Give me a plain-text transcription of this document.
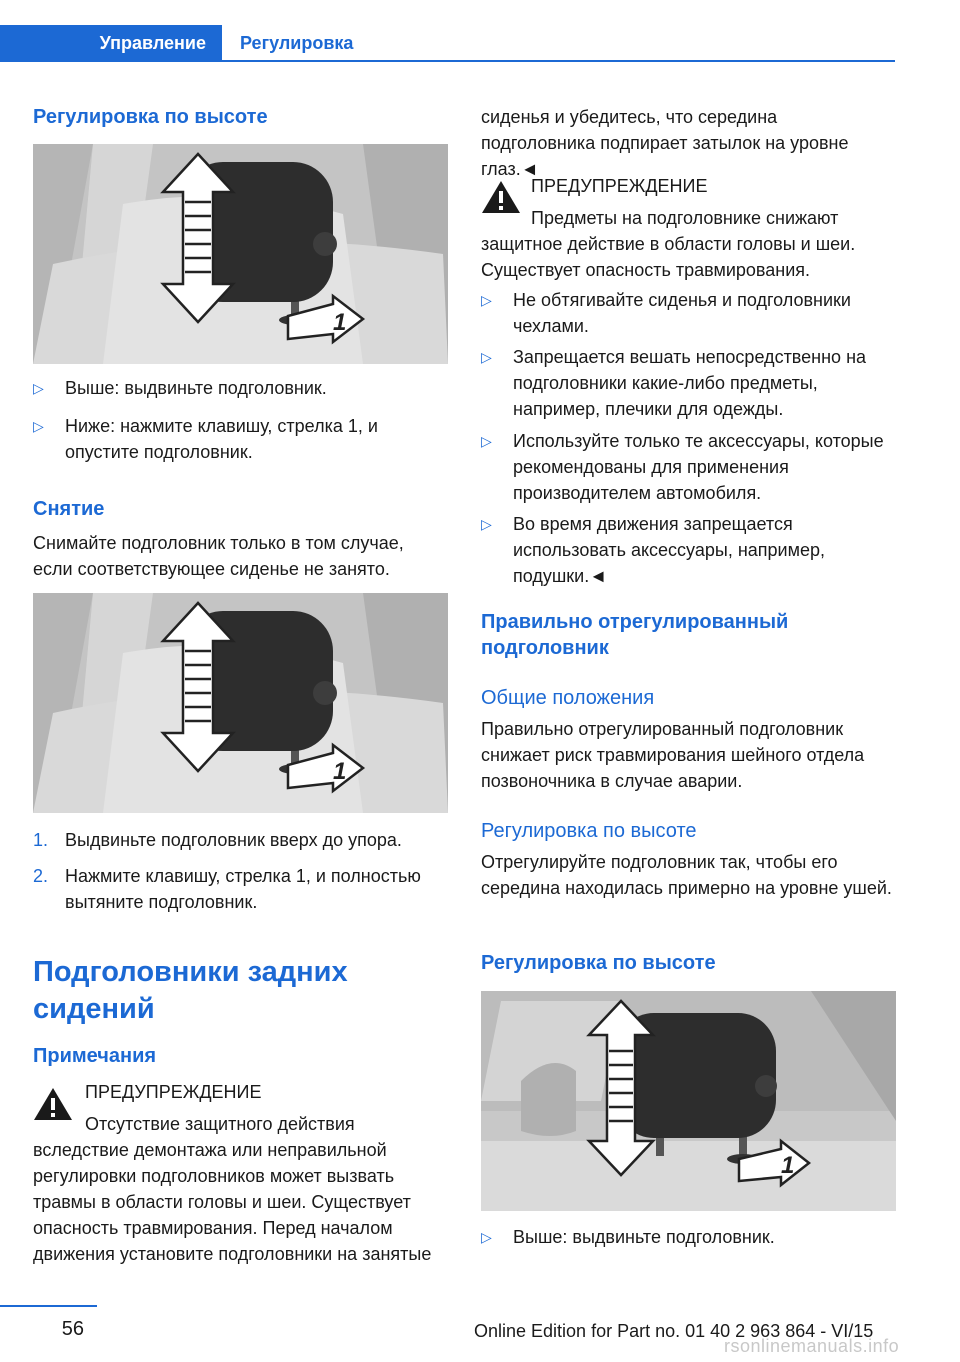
Управление Регулировка
Регулировка по высоте
1
▷ Выше: выдвиньте подголовник.
▷ Ниже: нажмите клавишу, стрелка 1, и опустите подголовник.
Снятие
Снимайте подголовник только в том случае, если соответствующее сиденье не занято.
1
1. Выдвиньте подголовник вверх до упора.
2. Нажмите клавишу, стрелка 1, и полностью вытяните подголовник.
Подголовники задних сидений
Примечания
ПРЕДУПРЕЖДЕНИЕ
Отсутствие защитного действия вследствие демонтажа или неправильной регулировки подголовников может вызвать травмы в области головы и шеи. Существует опасность травмирования. Перед началом движения установите подголовники на занятые
сиденья и убедитесь, что середина подголовника подпирает затылок на уровне глаз.◄
ПРЕДУПРЕЖДЕНИЕ
Предметы на подголовнике снижают защитное действие в области головы и шеи. Существует опасность травмирования.
▷ Не обтягивайте сиденья и подголовники чехлами.
▷ Запрещается вешать непосредственно на подголовники какие-либо предметы, например, плечики для одежды.
▷ Используйте только те аксессуары, которые рекомендованы для применения производителем автомобиля.
▷ Во время движения запрещается использовать аксессуары, например, подушки.◄
Правильно отрегулированный подголовник
Общие положения
Правильно отрегулированный подголовник снижает риск травмирования шейного отдела позвоночника в случае аварии.
Регулировка по высоте
Отрегулируйте подголовник так, чтобы его середина находилась примерно на уровне ушей.
Регулировка по высоте
1
▷ Выше: выдвиньте подголовник.
56	Online Edition for Part no. 01 40 2 963 864 - VI/15
rsonlinemanuals.info
